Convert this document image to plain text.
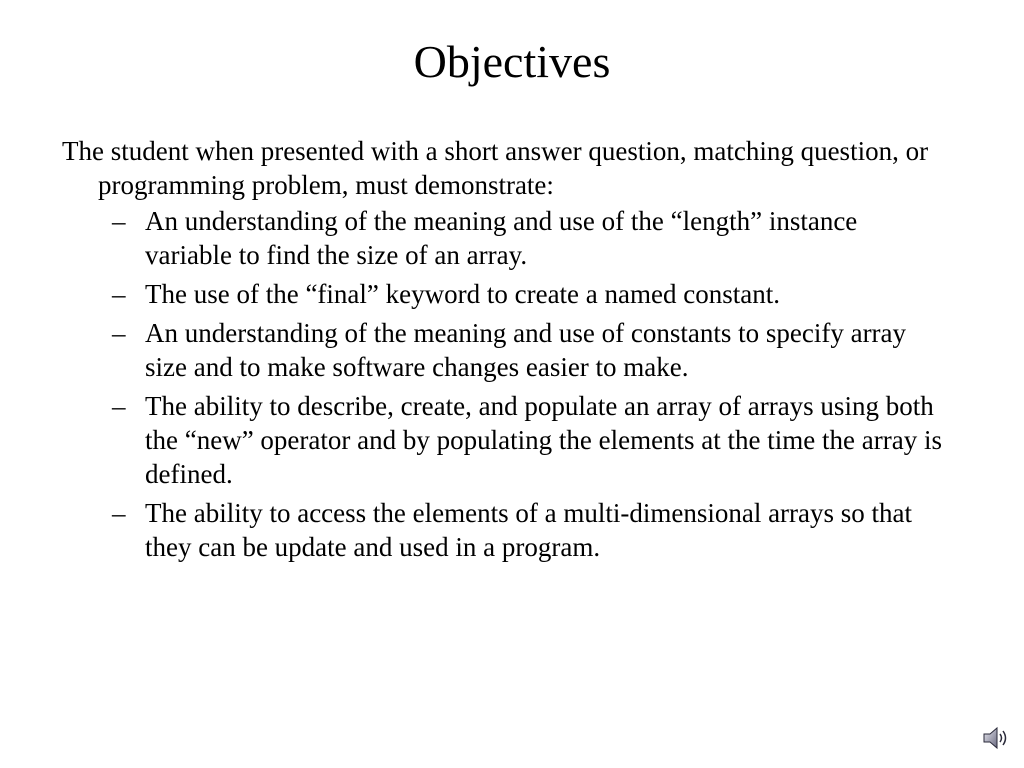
Objectives

The student when presented with a short answer question, matching question, or programming problem, must demonstrate:

– An understanding of the meaning and use of the “length” instance variable to find the size of an array.
– The use of the “final” keyword to create a named constant.
– An understanding of the meaning and use of constants to specify array size and to make software changes easier to make.
– The ability to describe, create, and populate an array of arrays using both the “new” operator and by populating the elements at the time the array is defined.
– The ability to access the elements of a multi-dimensional arrays so that they can be update and used in a program.
